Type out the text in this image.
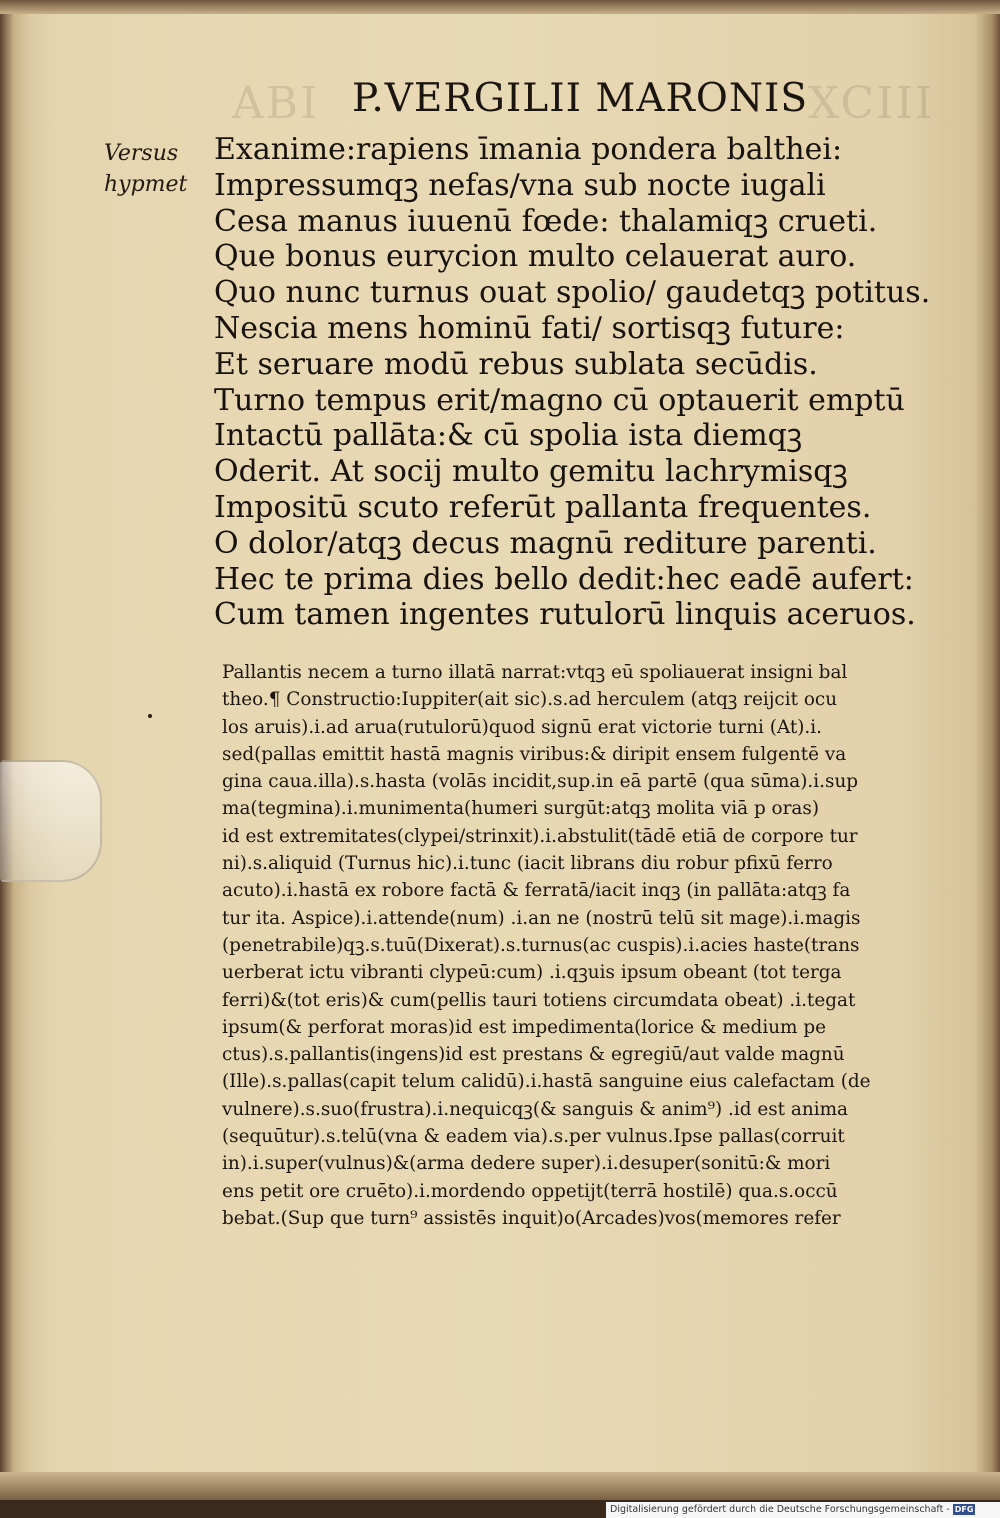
ABI	XCIII
P.VERGILII MARONIS
Versus
hypmet
Exanime:rapiens īmania pondera balthei:
Impressumqꝫ nefas/vna sub nocte iugali
Cesa manus iuuenū fœde: thalamiqꝫ crueti.
Que bonus eurycion multo celauerat auro.
Quo nunc turnus ouat spolio/ gaudetqꝫ potitus.
Nescia mens hominū fati/ sortisqꝫ future:
Et seruare modū rebus sublata secūdis.
Turno tempus erit/magno cū optauerit emptū
Intactū pallāta:& cū spolia ista diemqꝫ
Oderit. At socij multo gemitu lachrymisqꝫ
Impositū scuto referūt pallanta frequentes.
O dolor/atqꝫ decus magnū rediture parenti.
Hec te prima dies bello dedit:hec eadē aufert:
Cum tamen ingentes rutulorū linquis aceruos.
Pallantis necem a turno illatā narrat:vtqꝫ eū spoliauerat insigni bal
theo.¶ Constructio:Iuppiter(ait sic).s.ad herculem (atqꝫ reijcit ocu
los aruis).i.ad arua(rutulorū)quod signū erat victorie turni (At).i.
sed(pallas emittit hastā magnis viribus:& diripit ensem fulgentē va
gina caua.illa).s.hasta (volās incidit,sup.in eā partē (qua sūma).i.sup
ma(tegmina).i.munimenta(humeri surgūt:atqꝫ molita viā p oras)
id est extremitates(clypei/strinxit).i.abstulit(tādē etiā de corpore tur
ni).s.aliquid (Turnus hic).i.tunc (iacit librans diu robur pfixū ferro
acuto).i.hastā ex robore factā & ferratā/iacit inqꝫ (in pallāta:atqꝫ fa
tur ita. Aspice).i.attende(num) .i.an ne (nostrū telū sit mage).i.magis
(penetrabile)qꝫ.s.tuū(Dixerat).s.turnus(ac cuspis).i.acies haste(trans
uerberat ictu vibranti clypeū:cum) .i.qꝫuis ipsum obeant (tot terga
ferri)&(tot eris)& cum(pellis tauri totiens circumdata obeat) .i.tegat
ipsum(& perforat moras)id est impedimenta(lorice & medium pe
ctus).s.pallantis(ingens)id est prestans & egregiū/aut valde magnū
(Ille).s.pallas(capit telum calidū).i.hastā sanguine eius calefactam (de
vulnere).s.suo(frustra).i.nequicqꝫ(& sanguis & anim⁹) .id est anima
(sequūtur).s.telū(vna & eadem via).s.per vulnus.Ipse pallas(corruit
in).i.super(vulnus)&(arma dedere super).i.desuper(sonitū:& mori
ens petit ore cruēto).i.mordendo oppetijt(terrā hostilē) qua.s.occū
bebat.(Sup que turn⁹ assistēs inquit)o(Arcades)vos(memores refer
Digitalisierung gefördert durch die Deutsche Forschungsgemeinschaft - DFG
